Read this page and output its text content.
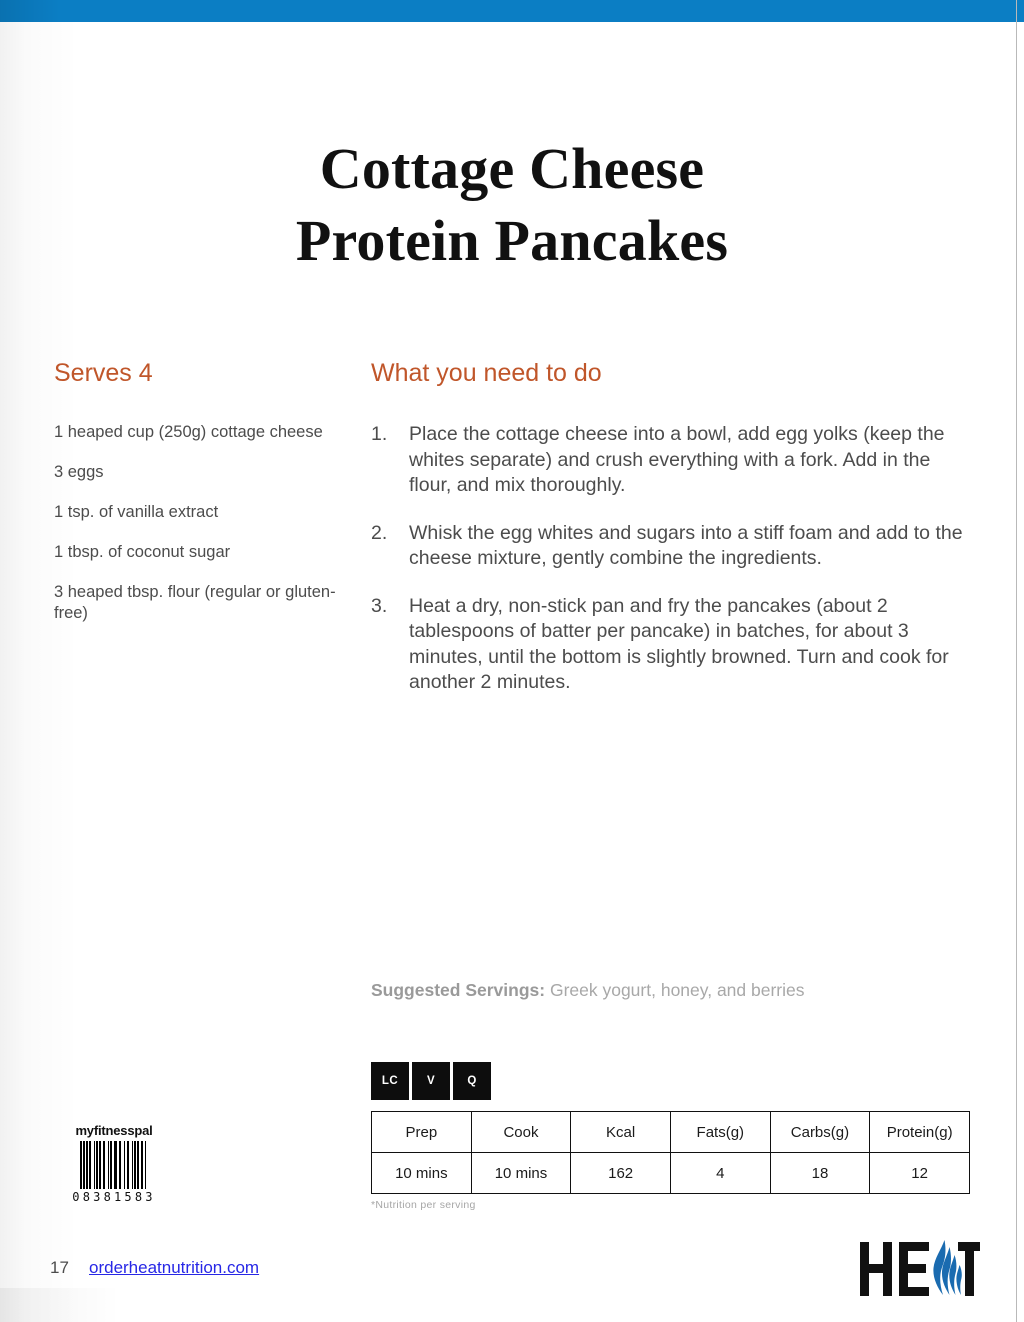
Cottage Cheese
Protein Pancakes
Serves 4
1 heaped cup (250g) cottage cheese
3 eggs
1 tsp. of vanilla extract
1 tbsp. of coconut sugar
3 heaped tbsp. flour (regular or gluten-free)
What you need to do
1.	Place the cottage cheese into a bowl, add egg yolks (keep the whites separate) and crush everything with a fork. Add in the flour, and mix thoroughly.
2.	Whisk the egg whites and sugars into a stiff foam and add to the cheese mixture, gently combine the ingredients.
3.	Heat a dry, non-stick pan and fry the pancakes (about 2 tablespoons of batter per pancake) in batches, for about 3 minutes, until the bottom is slightly browned. Turn and cook for another 2 minutes.
Suggested Servings: Greek yogurt, honey, and berries
LC	V	Q
Prep	Cook	Kcal	Fats(g)	Carbs(g)	Protein(g)
10 mins	10 mins	162	4	18	12
*Nutrition per serving
myfitnesspal
08381583
17 orderheatnutrition.com
